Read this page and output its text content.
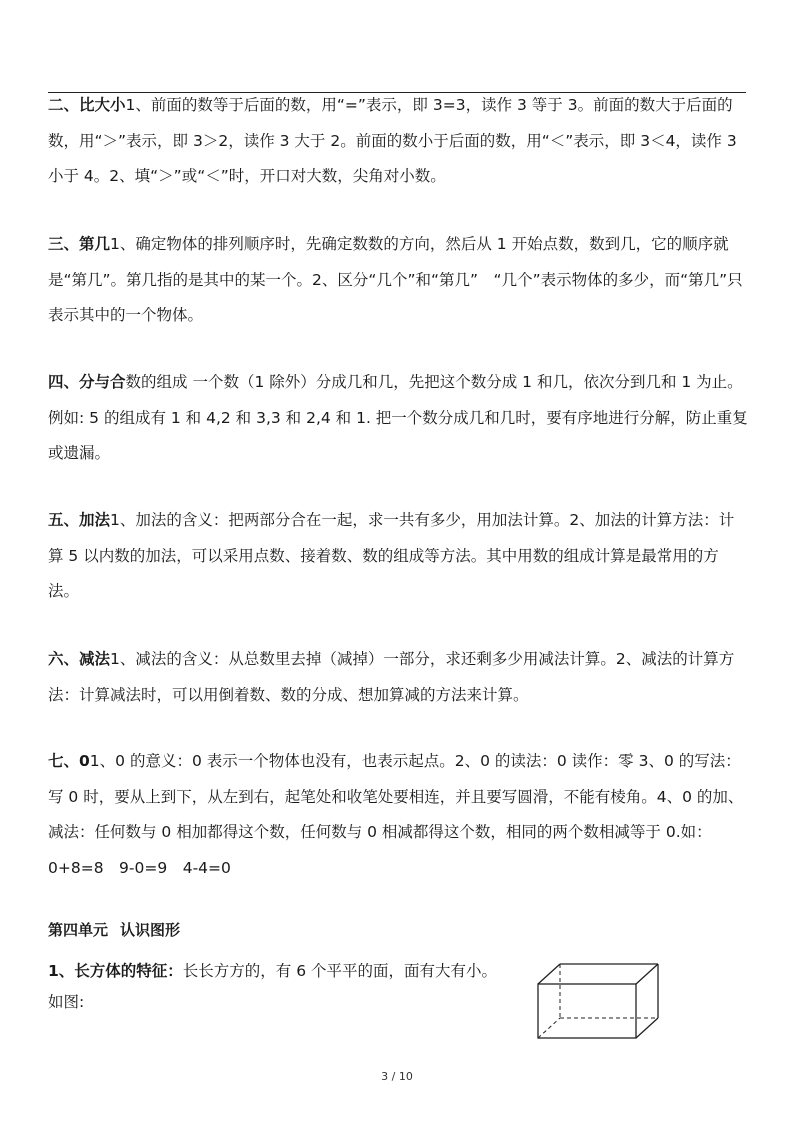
二、比大小1、前面的数等于后面的数，用“=”表示，即 3=3，读作 3 等于 3。前面的数大于后面的数，用“＞”表示，即 3＞2，读作 3 大于 2。前面的数小于后面的数，用“＜”表示，即 3＜4，读作 3 小于 4。2、填“＞”或“＜”时，开口对大数，尖角对小数。
三、第几1、确定物体的排列顺序时，先确定数数的方向，然后从 1 开始点数，数到几，它的顺序就是“第几”。第几指的是其中的某一个。2、区分“几个”和“第几”　“几个”表示物体的多少，而“第几”只表示其中的一个物体。
四、分与合数的组成 一个数（1 除外）分成几和几，先把这个数分成 1 和几，依次分到几和 1 为止。例如: 5 的组成有 1 和 4,2 和 3,3 和 2,4 和 1. 把一个数分成几和几时，要有序地进行分解，防止重复或遗漏。
五、加法1、加法的含义：把两部分合在一起，求一共有多少，用加法计算。2、加法的计算方法：计算 5 以内数的加法，可以采用点数、接着数、数的组成等方法。其中用数的组成计算是最常用的方法。
六、减法1、减法的含义：从总数里去掉（减掉）一部分，求还剩多少用减法计算。2、减法的计算方法：计算减法时，可以用倒着数、数的分成、想加算减的方法来计算。
七、01、0 的意义：0 表示一个物体也没有，也表示起点。2、0 的读法：0 读作：零 3、0 的写法：写 0 时，要从上到下，从左到右，起笔处和收笔处要相连，并且要写圆滑，不能有棱角。4、0 的加、减法：任何数与 0 相加都得这个数，任何数与 0 相减都得这个数，相同的两个数相减等于 0.如：0+8=8　9-0=9　4-4=0
第四单元 认识图形
1、长方体的特征：长长方方的，有 6 个平平的面，面有大有小。
如图:
3 / 10
